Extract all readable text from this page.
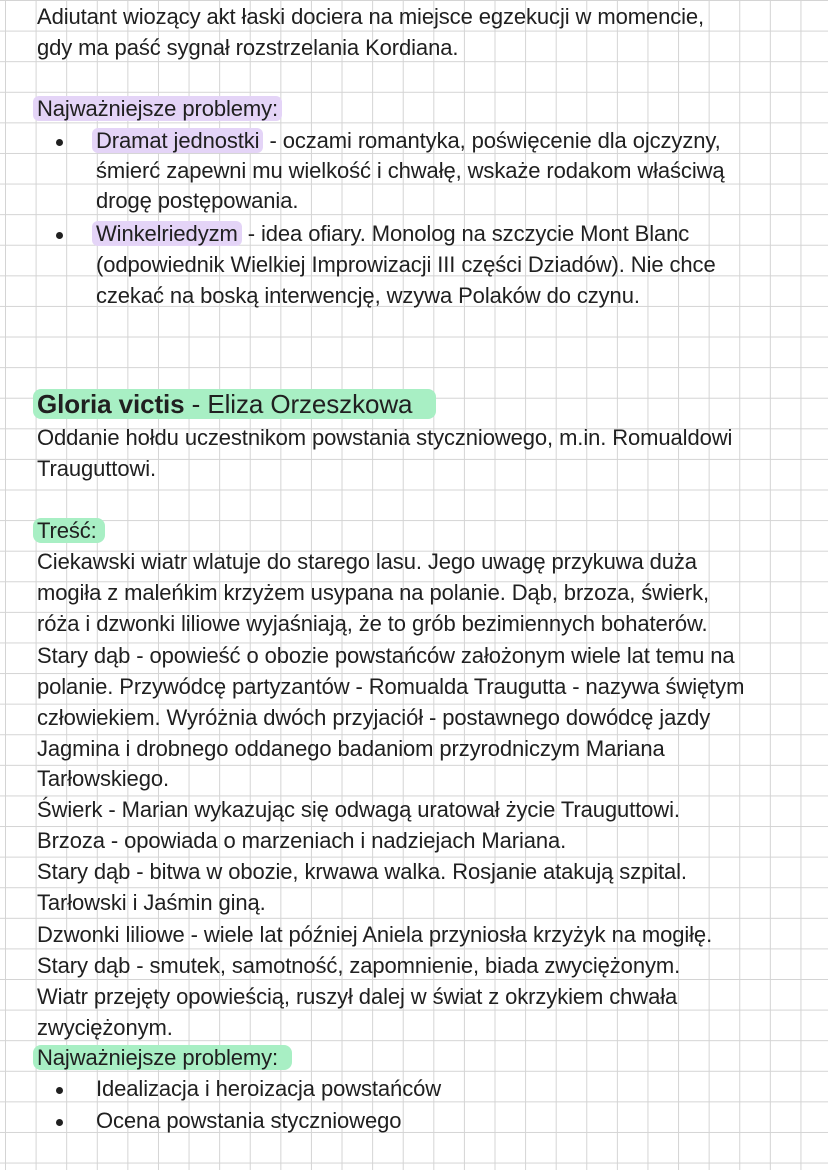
Adiutant wiozący akt łaski dociera na miejsce egzekucji w momencie,
gdy ma paść sygnał rozstrzelania Kordiana.
Najważniejsze problemy:
Dramat jednostki - oczami romantyka, poświęcenie dla ojczyzny,
śmierć zapewni mu wielkość i chwałę, wskaże rodakom właściwą
drogę postępowania.
Winkelriedyzm - idea ofiary. Monolog na szczycie Mont Blanc
(odpowiednik Wielkiej Improwizacji III części Dziadów). Nie chce
czekać na boską interwencję, wzywa Polaków do czynu.
Gloria victis - Eliza Orzeszkowa
Oddanie hołdu uczestnikom powstania styczniowego, m.in. Romualdowi
Trauguttowi.
Treść:
Ciekawski wiatr wlatuje do starego lasu. Jego uwagę przykuwa duża
mogiła z maleńkim krzyżem usypana na polanie. Dąb, brzoza, świerk,
róża i dzwonki liliowe wyjaśniają, że to grób bezimiennych bohaterów.
Stary dąb - opowieść o obozie powstańców założonym wiele lat temu na
polanie. Przywódcę partyzantów - Romualda Traugutta - nazywa świętym
człowiekiem. Wyróżnia dwóch przyjaciół - postawnego dowódcę jazdy
Jagmina i drobnego oddanego badaniom przyrodniczym Mariana
Tarłowskiego.
Świerk - Marian wykazując się odwagą uratował życie Trauguttowi.
Brzoza - opowiada o marzeniach i nadziejach Mariana.
Stary dąb - bitwa w obozie, krwawa walka. Rosjanie atakują szpital.
Tarłowski i Jaśmin giną.
Dzwonki liliowe - wiele lat później Aniela przyniosła krzyżyk na mogiłę.
Stary dąb - smutek, samotność, zapomnienie, biada zwyciężonym.
Wiatr przejęty opowieścią, ruszył dalej w świat z okrzykiem chwała
zwyciężonym.
Najważniejsze problemy:
Idealizacja i heroizacja powstańców
Ocena powstania styczniowego
